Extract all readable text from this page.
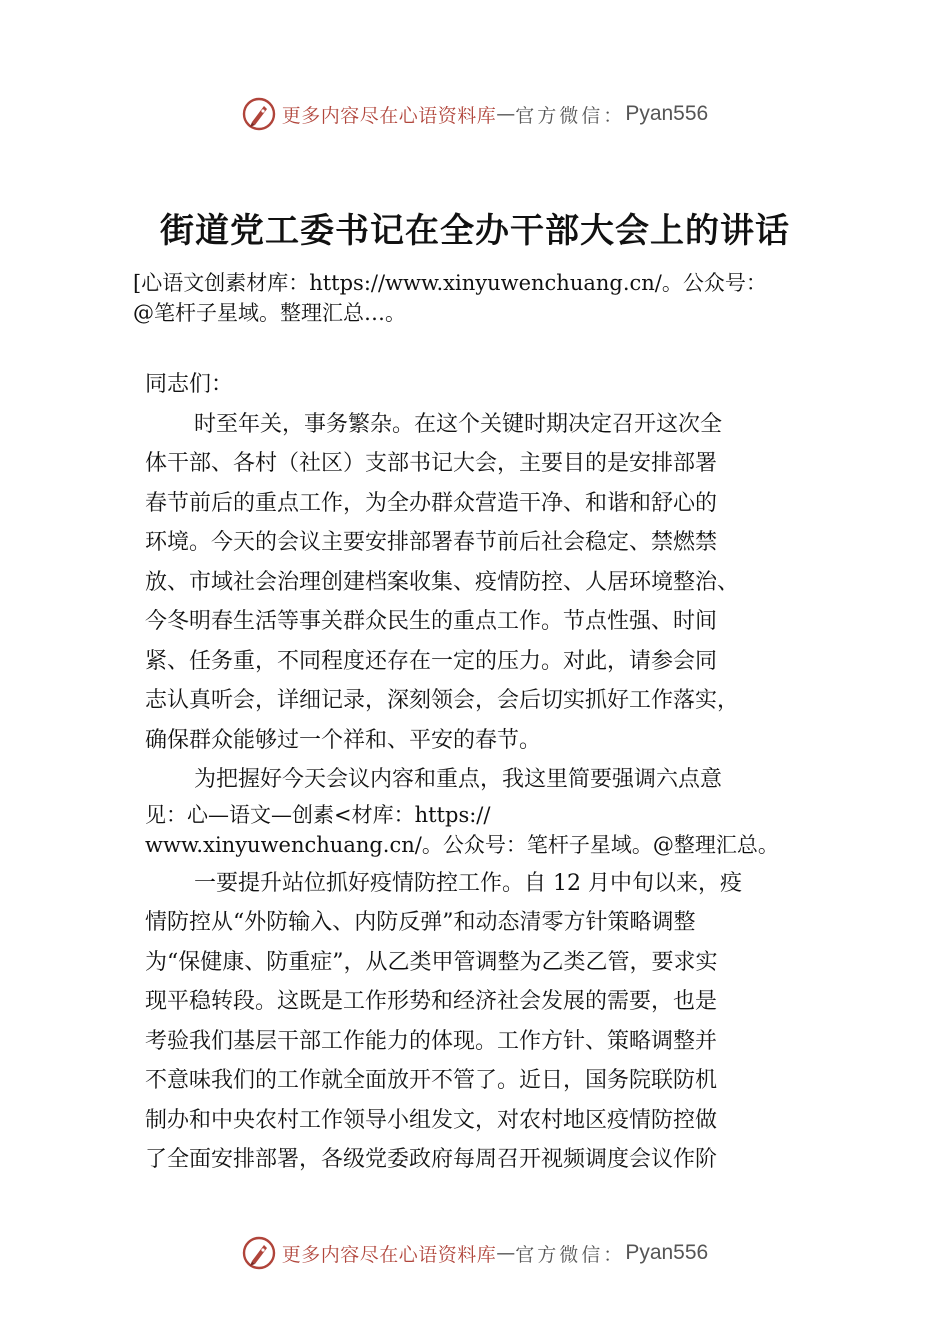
更多内容尽在心语资料库 — 官方微信： Pyan556
街道党工委书记在全办干部大会上的讲话
[心语文创素材库：https://www.xinyuwenchuang.cn/。公众号：
@笔杆子星域。整理汇总…。

同志们：

时至年关，事务繁杂。在这个关键时期决定召开这次全

体干部、各村（社区）支部书记大会，主要目的是安排部署

春节前后的重点工作，为全办群众营造干净、和谐和舒心的

环境。今天的会议主要安排部署春节前后社会稳定、禁燃禁

放、市域社会治理创建档案收集、疫情防控、人居环境整治、

今冬明春生活等事关群众民生的重点工作。节点性强、时间

紧、任务重，不同程度还存在一定的压力。对此，请参会同

志认真听会，详细记录，深刻领会，会后切实抓好工作落实，

确保群众能够过一个祥和、平安的春节。

为把握好今天会议内容和重点，我这里简要强调六点意

见：心—语文—创素<材库：https://

www.xinyuwenchuang.cn/。公众号：笔杆子星域。@整理汇总。

一要提升站位抓好疫情防控工作。自 12 月中旬以来，疫

情防控从“外防输入、内防反弹”和动态清零方针策略调整

为“保健康、防重症”，从乙类甲管调整为乙类乙管，要求实

现平稳转段。这既是工作形势和经济社会发展的需要，也是

考验我们基层干部工作能力的体现。工作方针、策略调整并

不意味我们的工作就全面放开不管了。近日，国务院联防机

制办和中央农村工作领导小组发文，对农村地区疫情防控做

了全面安排部署，各级党委政府每周召开视频调度会议作阶

更多内容尽在心语资料库 — 官方微信： Pyan556
